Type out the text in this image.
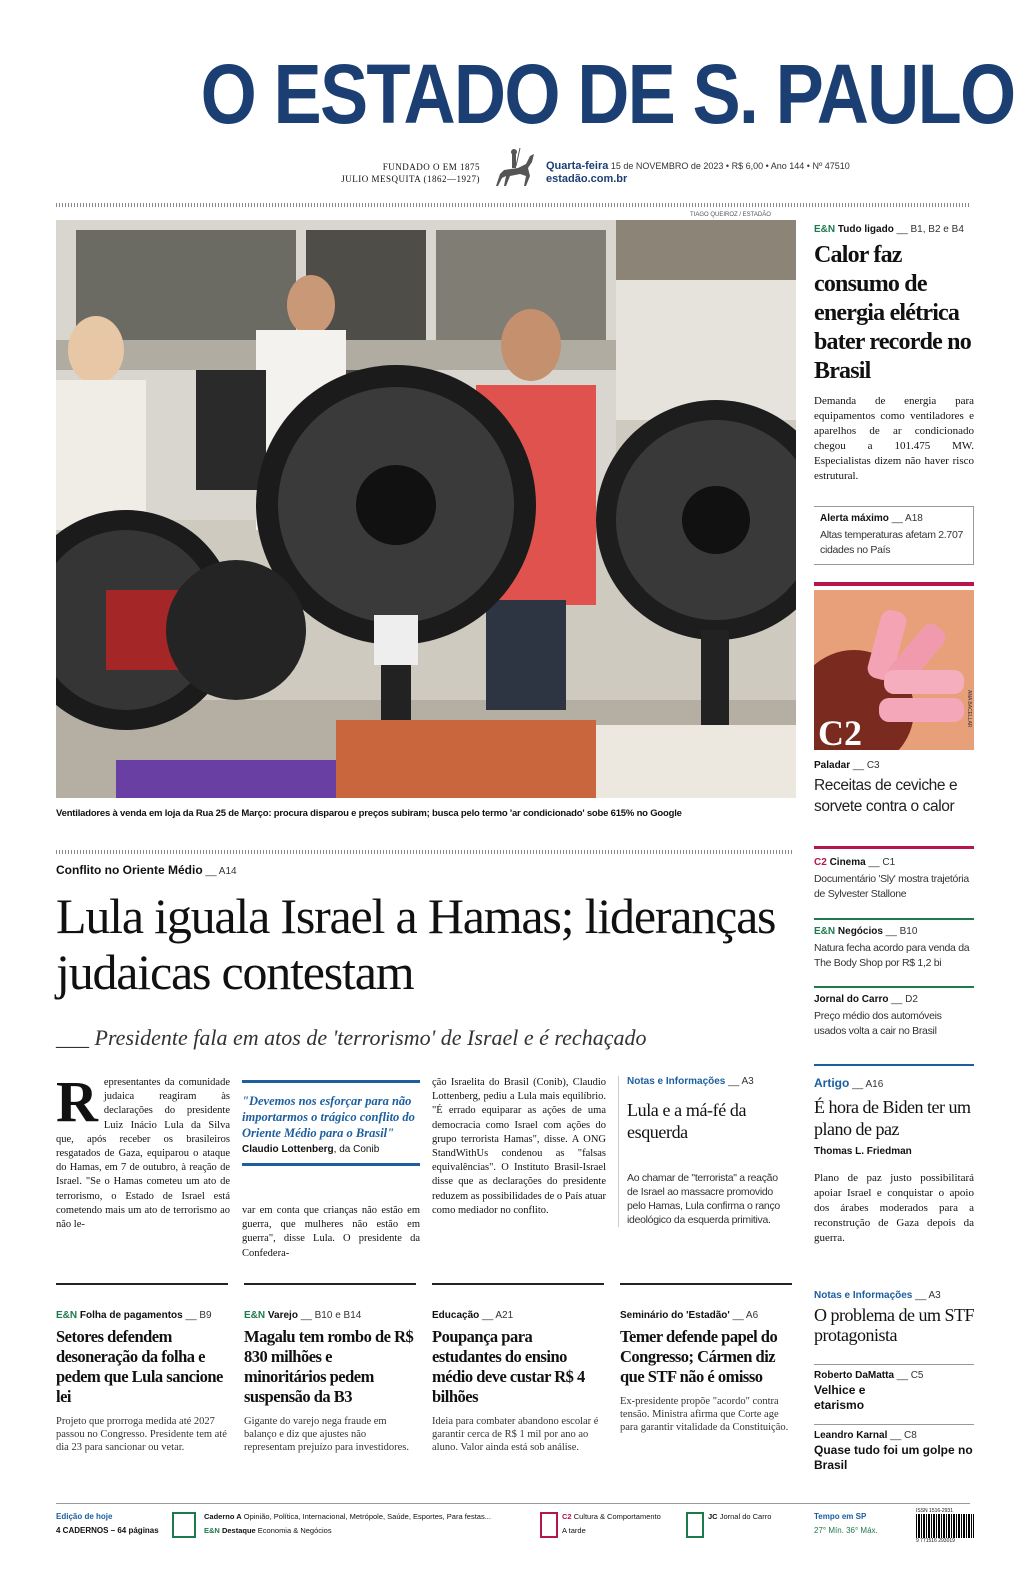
O ESTADO DE S. PAULO
FUNDADO O EM 1875
JULIO MESQUITA (1862—1927)
Quarta-feira 15 de NOVEMBRO de 2023 • R$ 6,00 • Ano 144 • Nº 47510
estadão.com.br
TIAGO QUEIROZ / ESTADÃO
Ventiladores à venda em loja da Rua 25 de Março: procura disparou e preços subiram; busca pelo termo 'ar condicionado' sobe 615% no Google
E&N Tudo ligado __ B1, B2 e B4
Calor faz consumo de energia elétrica bater recorde no Brasil
Demanda de energia para equipamentos como ventiladores e aparelhos de ar condicionado chegou a 101.475 MW. Especialistas dizem não haver risco estrutural.
Alerta máximo __ A18
Altas temperaturas afetam 2.707 cidades no País
C2
ANA BACELLAR
Paladar __ C3
Receitas de ceviche e sorvete contra o calor
C2 Cinema __ C1
Documentário 'Sly' mostra trajetória de Sylvester Stallone
E&N Negócios __ B10
Natura fecha acordo para venda da The Body Shop por R$ 1,2 bi
Jornal do Carro __ D2
Preço médio dos automóveis usados volta a cair no Brasil
Artigo __ A16
É hora de Biden ter um plano de paz
Thomas L. Friedman
Plano de paz justo possibilitará apoiar Israel e conquistar o apoio dos árabes moderados para a reconstrução de Gaza depois da guerra.
Notas e Informações __ A3
O problema de um STF protagonista
Roberto DaMatta __ C5
Velhice e etarismo
Leandro Karnal __ C8
Quase tudo foi um golpe no Brasil
Conflito no Oriente Médio __ A14
Lula iguala Israel a Hamas; lideranças judaicas contestam
___ Presidente fala em atos de 'terrorismo' de Israel e é rechaçado
Representantes da comunidade judaica reagiram às declarações do presidente Luiz Inácio Lula da Silva que, após receber os brasileiros resgatados de Gaza, equiparou o ataque do Hamas, em 7 de outubro, à reação de Israel. "Se o Hamas cometeu um ato de terrorismo, o Estado de Israel está cometendo mais um ato de terrorismo ao não le-
"Devemos nos esforçar para não importarmos o trágico conflito do Oriente Médio para o Brasil"
Claudio Lottenberg, da Conib
var em conta que crianças não estão em guerra, que mulheres não estão em guerra", disse Lula. O presidente da Confedera-
ção Israelita do Brasil (Conib), Claudio Lottenberg, pediu a Lula mais equilíbrio. "É errado equiparar as ações de uma democracia como Israel com ações do grupo terrorista Hamas", disse. A ONG StandWithUs condenou as "falsas equivalências". O Instituto Brasil-Israel disse que as declarações do presidente reduzem as possibilidades de o País atuar como mediador no conflito.
Notas e Informações __ A3
Lula e a má-fé da esquerda
Ao chamar de "terrorista" a reação de Israel ao massacre promovido pelo Hamas, Lula confirma o ranço ideológico da esquerda primitiva.
E&N Folha de pagamentos __ B9
Setores defendem desoneração da folha e pedem que Lula sancione lei
Projeto que prorroga medida até 2027 passou no Congresso. Presidente tem até dia 23 para sancionar ou vetar.
E&N Varejo __ B10 e B14
Magalu tem rombo de R$ 830 milhões e minoritários pedem suspensão da B3
Gigante do varejo nega fraude em balanço e diz que ajustes não representam prejuízo para investidores.
Educação __ A21
Poupança para estudantes do ensino médio deve custar R$ 4 bilhões
Ideia para combater abandono escolar é garantir cerca de R$ 1 mil por ano ao aluno. Valor ainda está sob análise.
Seminário do 'Estadão' __ A6
Temer defende papel do Congresso; Cármen diz que STF não é omisso
Ex-presidente propõe "acordo" contra tensão. Ministra afirma que Corte age para garantir vitalidade da Constituição.
Edição de hoje
4 CADERNOS – 64 páginas
Caderno A Opinião, Política, Internacional, Metrópole, Saúde, Esportes, Para festas...
E&N Destaque Economia & Negócios
C2 Cultura & Comportamento
A tarde
JC Jornal do Carro	Tempo em SP
27° Mín. 36° Máx.
ISSN 1516-2931
9 771516 293019
